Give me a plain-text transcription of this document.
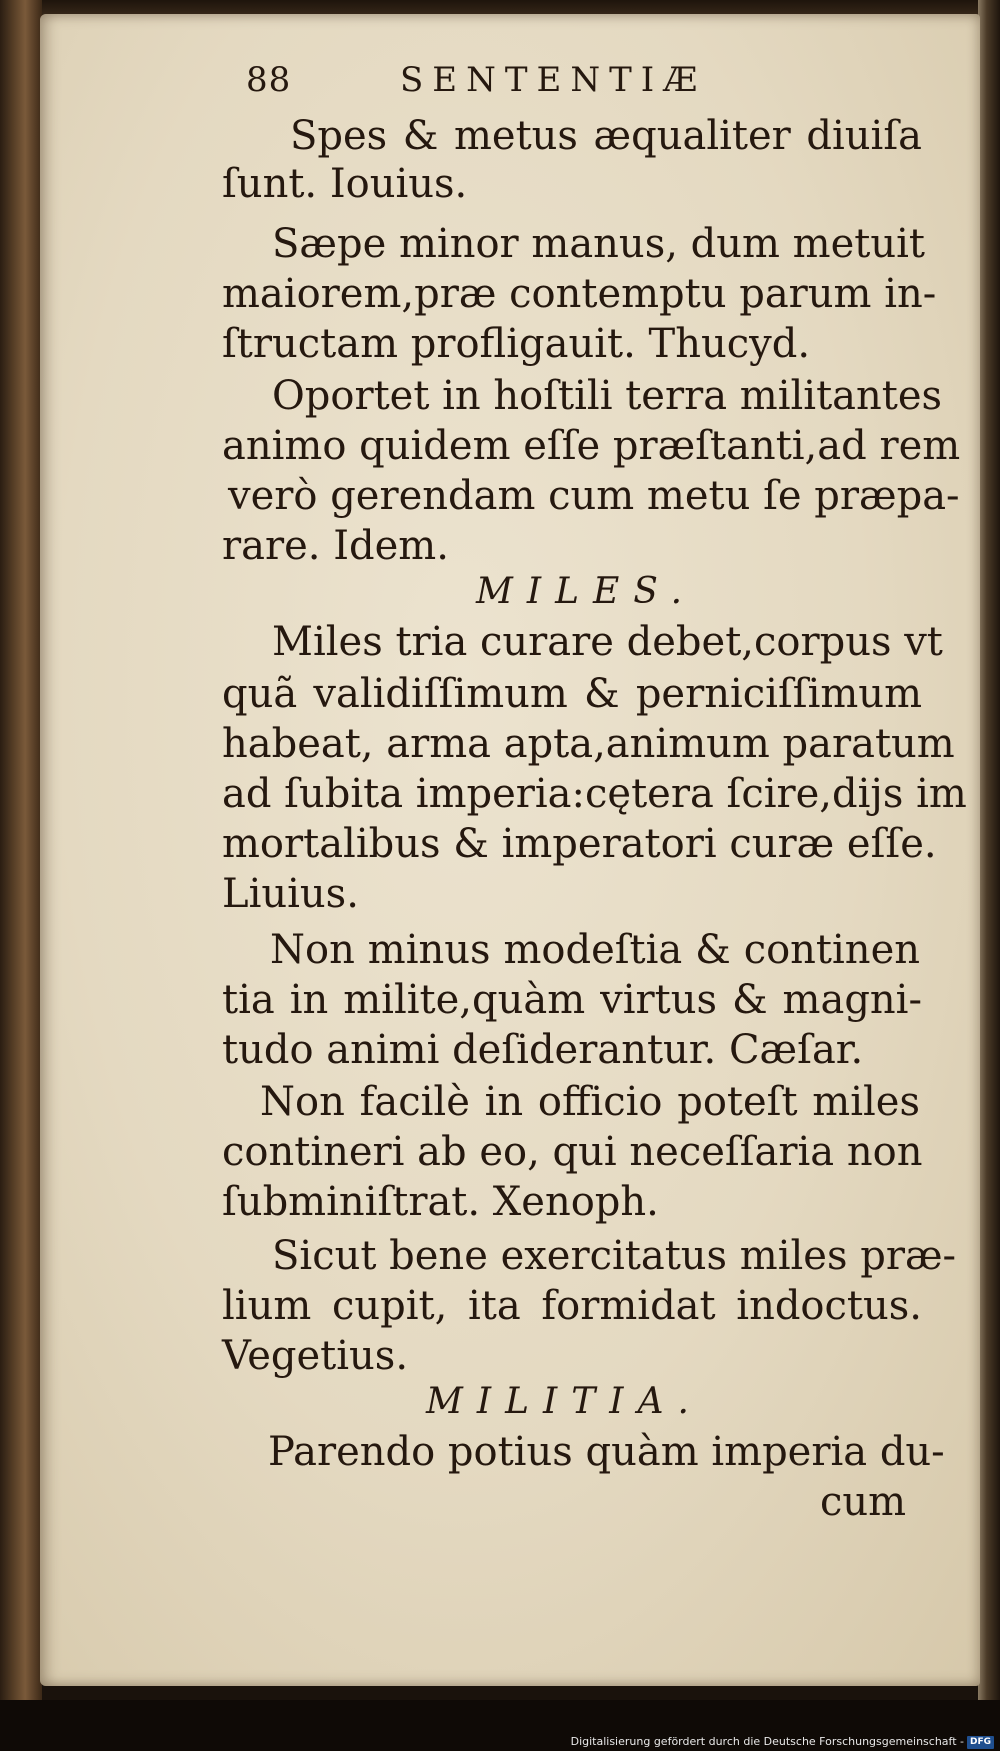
88	SENTENTIÆ
Spes & metus æqualiter diuiſa
ſunt. Iouius.
Sæpe minor manus, dum metuit
maiorem,præ contemptu parum in-
ſtructam profligauit. Thucyd.
Oportet in hoſtili terra militantes
animo quidem eſſe præſtanti,ad rem
verò gerendam cum metu ſe præpa-
rare. Idem.
MILES.
Miles tria curare debet,corpus vt
quã validiſſimum & perniciſſimum
habeat, arma apta,animum paratum
ad ſubita imperia:cętera ſcire,dijs im
mortalibus & imperatori curæ eſſe.
Liuius.
Non minus modeſtia & continen
tia in milite,quàm virtus & magni-
tudo animi deſiderantur. Cæſar.
Non facilè in officio poteſt miles
contineri ab eo, qui neceſſaria non
ſubminiſtrat. Xenoph.
Sicut bene exercitatus miles præ-
lium cupit, ita formidat indoctus.
Vegetius.
MILITIA.
Parendo potius quàm imperia du-
cum
Digitalisierung gefördert durch die Deutsche Forschungsgemeinschaft - DFG
